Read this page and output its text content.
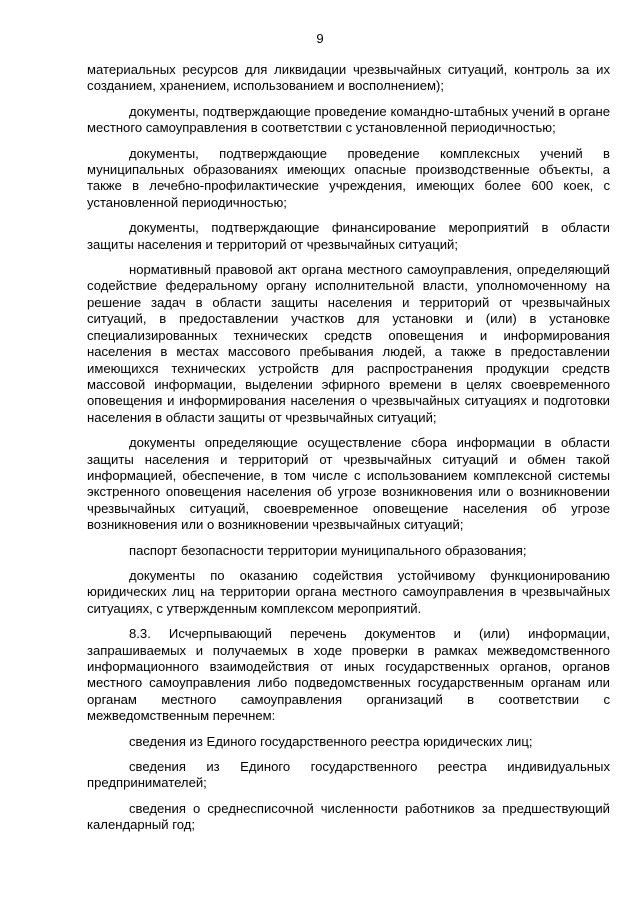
9

материальных ресурсов для ликвидации чрезвычайных ситуаций, контроль за их созданием, хранением, использованием и восполнением);

документы, подтверждающие проведение командно-штабных учений в органе местного самоуправления в соответствии с установленной периодичностью;

документы, подтверждающие проведение комплексных учений в муниципальных образованиях имеющих опасные производственные объекты, а также в лечебно-профилактические учреждения, имеющих более 600 коек, с установленной периодичностью;

документы, подтверждающие финансирование мероприятий в области защиты населения и территорий от чрезвычайных ситуаций;

нормативный правовой акт органа местного самоуправления, определяющий содействие федеральному органу исполнительной власти, уполномоченному на решение задач в области защиты населения и территорий от чрезвычайных ситуаций, в предоставлении участков для установки и (или) в установке специализированных технических средств оповещения и информирования населения в местах массового пребывания людей, а также в предоставлении имеющихся технических устройств для распространения продукции средств массовой информации, выделении эфирного времени в целях своевременного оповещения и информирования населения о чрезвычайных ситуациях и подготовки населения в области защиты от чрезвычайных ситуаций;

документы определяющие осуществление сбора информации в области защиты населения и территорий от чрезвычайных ситуаций и обмен такой информацией, обеспечение, в том числе с использованием комплексной системы экстренного оповещения населения об угрозе возникновения или о возникновении чрезвычайных ситуаций, своевременное оповещение населения об угрозе возникновения или о возникновении чрезвычайных ситуаций;

паспорт безопасности территории муниципального образования;

документы по оказанию содействия устойчивому функционированию юридических лиц на территории органа местного самоуправления в чрезвычайных ситуациях, с утвержденным комплексом мероприятий.

8.3. Исчерпывающий перечень документов и (или) информации, запрашиваемых и получаемых в ходе проверки в рамках межведомственного информационного взаимодействия от иных государственных органов, органов местного самоуправления либо подведомственных государственным органам или органам местного самоуправления организаций в соответствии с межведомственным перечнем:

сведения из Единого государственного реестра юридических лиц;

сведения из Единого государственного реестра индивидуальных предпринимателей;

сведения о среднесписочной численности работников за предшествующий календарный год;
